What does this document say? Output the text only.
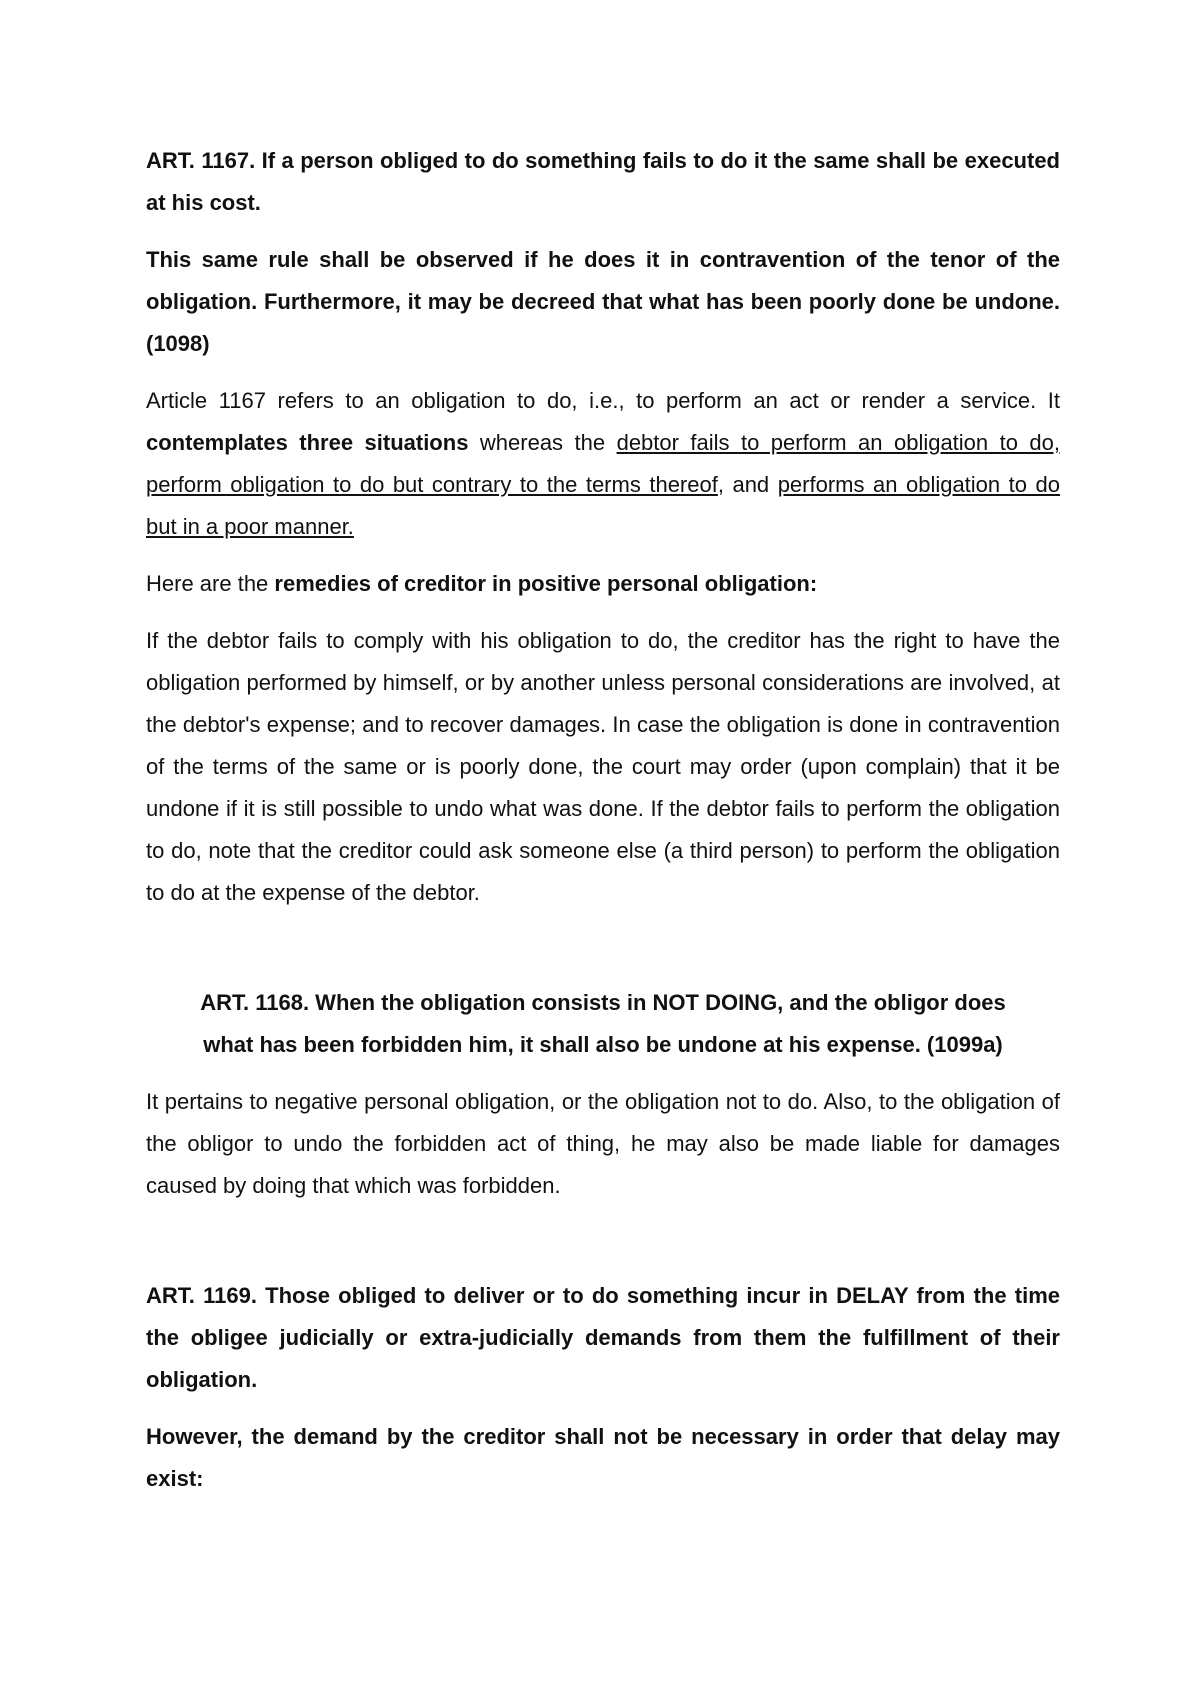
ART. 1167. If a person obliged to do something fails to do it the same shall be executed at his cost.

This same rule shall be observed if he does it in contravention of the tenor of the obligation. Furthermore, it may be decreed that what has been poorly done be undone. (1098)

Article 1167 refers to an obligation to do, i.e., to perform an act or render a service. It contemplates three situations whereas the debtor fails to perform an obligation to do, perform obligation to do but contrary to the terms thereof, and performs an obligation to do but in a poor manner.

Here are the remedies of creditor in positive personal obligation:

If the debtor fails to comply with his obligation to do, the creditor has the right to have the obligation performed by himself, or by another unless personal considerations are involved, at the debtor's expense; and to recover damages. In case the obligation is done in contravention of the terms of the same or is poorly done, the court may order (upon complain) that it be undone if it is still possible to undo what was done. If the debtor fails to perform the obligation to do, note that the creditor could ask someone else (a third person) to perform the obligation to do at the expense of the debtor.

ART. 1168. When the obligation consists in NOT DOING, and the obligor does
what has been forbidden him, it shall also be undone at his expense. (1099a)

It pertains to negative personal obligation, or the obligation not to do. Also, to the obligation of the obligor to undo the forbidden act of thing, he may also be made liable for damages caused by doing that which was forbidden.

ART. 1169. Those obliged to deliver or to do something incur in DELAY from the time the obligee judicially or extra-judicially demands from them the fulfillment of their obligation.

However, the demand by the creditor shall not be necessary in order that delay may exist:
